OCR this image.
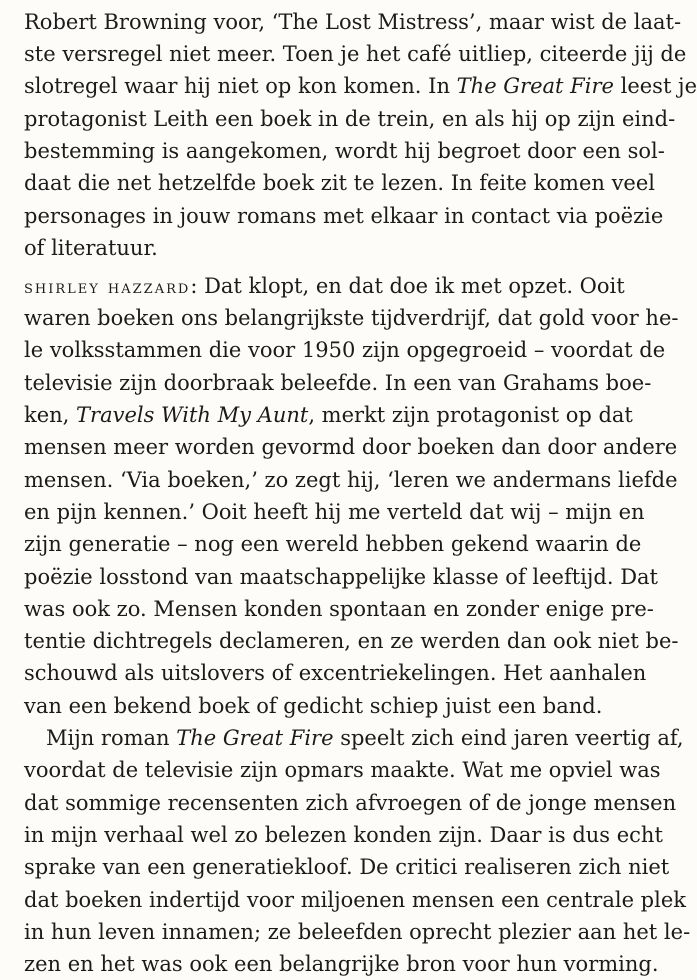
Robert Browning voor, ‘The Lost Mistress’, maar wist de laat-
ste versregel niet meer. Toen je het café uitliep, citeerde jij de
slotregel waar hij niet op kon komen. In The Great Fire leest je
protagonist Leith een boek in de trein, en als hij op zijn eind-
bestemming is aangekomen, wordt hij begroet door een sol-
daat die net hetzelfde boek zit te lezen. In feite komen veel
personages in jouw romans met elkaar in contact via poëzie
of literatuur.
shirley hazzard: Dat klopt, en dat doe ik met opzet. Ooit
waren boeken ons belangrijkste tijdverdrijf, dat gold voor he-
le volksstammen die voor 1950 zijn opgegroeid – voordat de
televisie zijn doorbraak beleefde. In een van Grahams boe-
ken, Travels With My Aunt, merkt zijn protagonist op dat
mensen meer worden gevormd door boeken dan door andere
mensen. ‘Via boeken,’ zo zegt hij, ‘leren we andermans liefde
en pijn kennen.’ Ooit heeft hij me verteld dat wij – mijn en
zijn generatie – nog een wereld hebben gekend waarin de
poëzie losstond van maatschappelijke klasse of leeftijd. Dat
was ook zo. Mensen konden spontaan en zonder enige pre-
tentie dichtregels declameren, en ze werden dan ook niet be-
schouwd als uitslovers of excentriekelingen. Het aanhalen
van een bekend boek of gedicht schiep juist een band.
Mijn roman The Great Fire speelt zich eind jaren veertig af,
voordat de televisie zijn opmars maakte. Wat me opviel was
dat sommige recensenten zich afvroegen of de jonge mensen
in mijn verhaal wel zo belezen konden zijn. Daar is dus echt
sprake van een generatiekloof. De critici realiseren zich niet
dat boeken indertijd voor miljoenen mensen een centrale plek
in hun leven innamen; ze beleefden oprecht plezier aan het le-
zen en het was ook een belangrijke bron voor hun vorming.
